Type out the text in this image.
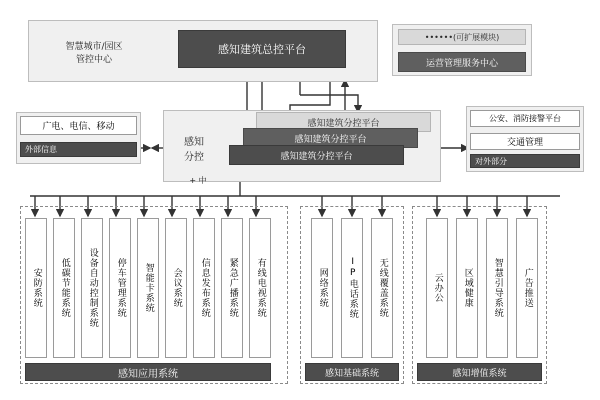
智慧城市/园区
管控中心
感知建筑总控平台
••••••(可扩展模块)
运营管理服务中心
广电、电信、移动
外部信息
公安、消防接警平台
交通管理
对外部分
感知
分控
感知建筑分控平台
感知建筑分控平台
感知建筑分控平台
+ 中
安防系统 低碳节能系统 设备自动控制系统 停车管理系统 智能卡系统 会议系统 信息发布系统 紧急广播系统 有线电视系统	网络系统 IP电话系统 无线覆盖系统	云办公 区域健康 智慧引导系统 广告推送
感知应用系统	感知基础系统	感知增值系统
